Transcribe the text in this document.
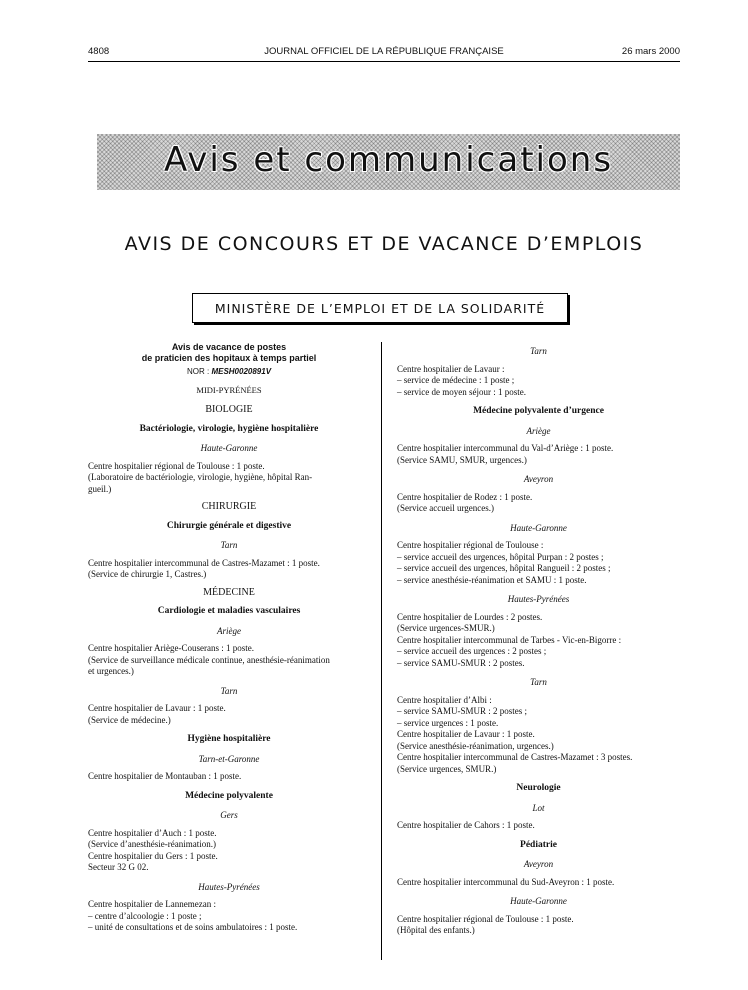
4808	JOURNAL OFFICIEL DE LA RÉPUBLIQUE FRANÇAISE	26 mars 2000
Avis et communications
AVIS DE CONCOURS ET DE VACANCE D’EMPLOIS
MINISTÈRE DE L’EMPLOI ET DE LA SOLIDARITÉ
Avis de vacance de postes
de praticien des hopitaux à temps partiel
NOR : MESH0020891V
MIDI-PYRÉNÉES
BIOLOGIE
Bactériologie, virologie, hygiène hospitalière
Haute-Garonne

Centre hospitalier régional de Toulouse : 1 poste.

(Laboratoire de bactériologie, virologie, hygiène, hôpital Ran-

gueil.)

CHIRURGIE
Chirurgie générale et digestive
Tarn

Centre hospitalier intercommunal de Castres-Mazamet : 1 poste.

(Service de chirurgie 1, Castres.)

MÉDECINE
Cardiologie et maladies vasculaires
Ariège

Centre hospitalier Ariège-Couserans : 1 poste.

(Service de surveillance médicale continue, anesthésie-réanimation

et urgences.)

Tarn

Centre hospitalier de Lavaur : 1 poste.

(Service de médecine.)

Hygiène hospitalière
Tarn-et-Garonne

Centre hospitalier de Montauban : 1 poste.

Médecine polyvalente
Gers

Centre hospitalier d’Auch : 1 poste.

(Service d’anesthésie-réanimation.)

Centre hospitalier du Gers : 1 poste.

Secteur 32 G 02.

Hautes-Pyrénées

Centre hospitalier de Lannemezan :

– centre d’alcoologie : 1 poste ;

– unité de consultations et de soins ambulatoires : 1 poste.

Tarn

Centre hospitalier de Lavaur :

– service de médecine : 1 poste ;

– service de moyen séjour : 1 poste.

Médecine polyvalente d’urgence
Ariège

Centre hospitalier intercommunal du Val-d’Ariège : 1 poste.

(Service SAMU, SMUR, urgences.)

Aveyron

Centre hospitalier de Rodez : 1 poste.

(Service accueil urgences.)

Haute-Garonne

Centre hospitalier régional de Toulouse :

– service accueil des urgences, hôpital Purpan : 2 postes ;

– service accueil des urgences, hôpital Rangueil : 2 postes ;

– service anesthésie-réanimation et SAMU : 1 poste.

Hautes-Pyrénées

Centre hospitalier de Lourdes : 2 postes.

(Service urgences-SMUR.)

Centre hospitalier intercommunal de Tarbes - Vic-en-Bigorre :

– service accueil des urgences : 2 postes ;

– service SAMU-SMUR : 2 postes.

Tarn

Centre hospitalier d’Albi :

– service SAMU-SMUR : 2 postes ;

– service urgences : 1 poste.

Centre hospitalier de Lavaur : 1 poste.

(Service anesthésie-réanimation, urgences.)

Centre hospitalier intercommunal de Castres-Mazamet : 3 postes.

(Service urgences, SMUR.)

Neurologie
Lot

Centre hospitalier de Cahors : 1 poste.

Pédiatrie
Aveyron

Centre hospitalier intercommunal du Sud-Aveyron : 1 poste.

Haute-Garonne

Centre hospitalier régional de Toulouse : 1 poste.

(Hôpital des enfants.)
